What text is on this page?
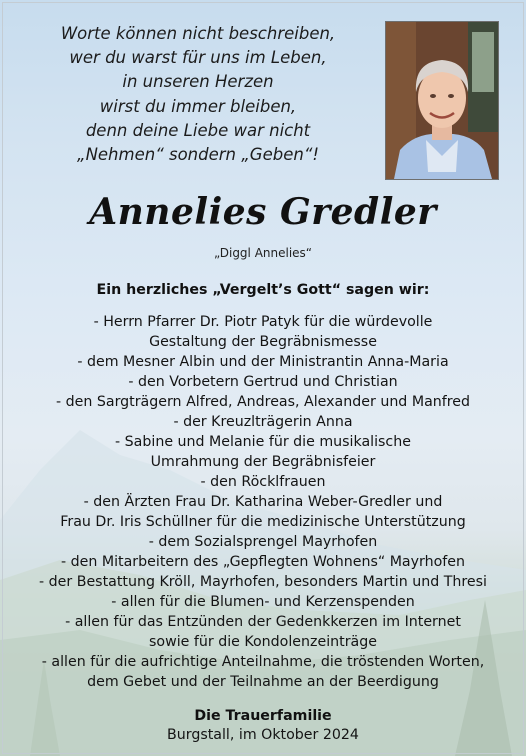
Worte können nicht beschreiben,
wer du warst für uns im Leben,
in unseren Herzen
wirst du immer bleiben,
denn deine Liebe war nicht
„Nehmen“ sondern „Geben“!
Annelies Gredler
„Diggl Annelies“
Ein herzliches „Vergelt’s Gott“ sagen wir:
- Herrn Pfarrer Dr. Piotr Patyk für die würdevolle
Gestaltung der Begräbnismesse
- dem Mesner Albin und der Ministrantin Anna-Maria
- den Vorbetern Gertrud und Christian
- den Sargträgern Alfred, Andreas, Alexander und Manfred
- der Kreuzlträgerin Anna
- Sabine und Melanie für die musikalische
Umrahmung der Begräbnisfeier
- den Röcklfrauen
- den Ärzten Frau Dr. Katharina Weber-Gredler und
Frau Dr. Iris Schüllner für die medizinische Unterstützung
- dem Sozialsprengel Mayrhofen
- den Mitarbeitern des „Gepflegten Wohnens“ Mayrhofen
- der Bestattung Kröll, Mayrhofen, besonders Martin und Thresi
- allen für die Blumen- und Kerzenspenden
- allen für das Entzünden der Gedenkkerzen im Internet
sowie für die Kondolenzeinträge
- allen für die aufrichtige Anteilnahme, die tröstenden Worten,
dem Gebet und der Teilnahme an der Beerdigung
Die Trauerfamilie
Burgstall, im Oktober 2024
